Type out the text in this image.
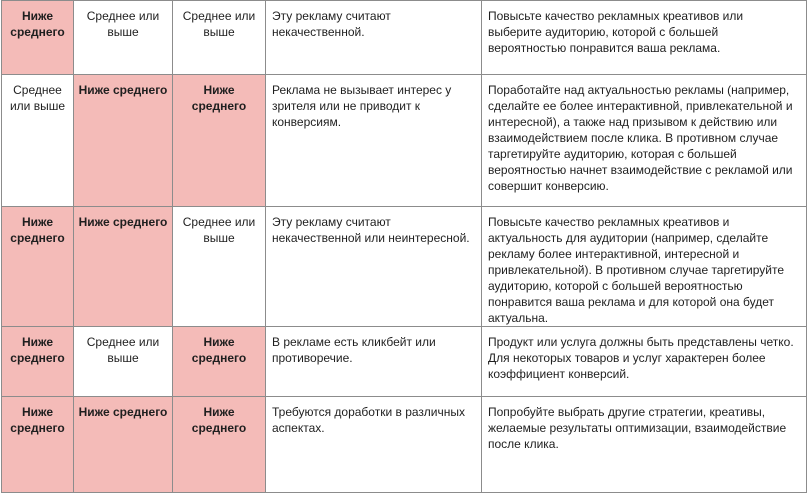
Ниже среднего	Среднее или выше	Среднее или выше	Эту рекламу считают некачественной.	Повысьте качество рекламных креативов или выберите аудиторию, которой с большей вероятностью понравится ваша реклама.
Среднее или выше	Ниже среднего	Ниже среднего	Реклама не вызывает интерес у зрителя или не приводит к конверсиям.	Поработайте над актуальностью рекламы (например, сделайте ее более интерактивной, привлекательной и интересной), а также над призывом к действию или взаимодействием после клика. В противном случае таргетируйте аудиторию, которая с большей вероятностью начнет взаимодействие с рекламой или совершит конверсию.
Ниже среднего	Ниже среднего	Среднее или выше	Эту рекламу считают некачественной или неинтересной.	Повысьте качество рекламных креативов и актуальность для аудитории (например, сделайте рекламу более интерактивной, интересной и привлекательной). В противном случае таргетируйте аудиторию, которой с большей вероятностью понравится ваша реклама и для которой она будет актуальна.
Ниже среднего	Среднее или выше	Ниже среднего	В рекламе есть кликбейт или противоречие.	Продукт или услуга должны быть представлены четко. Для некоторых товаров и услуг характерен более коэффициент конверсий.
Ниже среднего	Ниже среднего	Ниже среднего	Требуются доработки в различных аспектах.	Попробуйте выбрать другие стратегии, креативы, желаемые результаты оптимизации, взаимодействие после клика.
